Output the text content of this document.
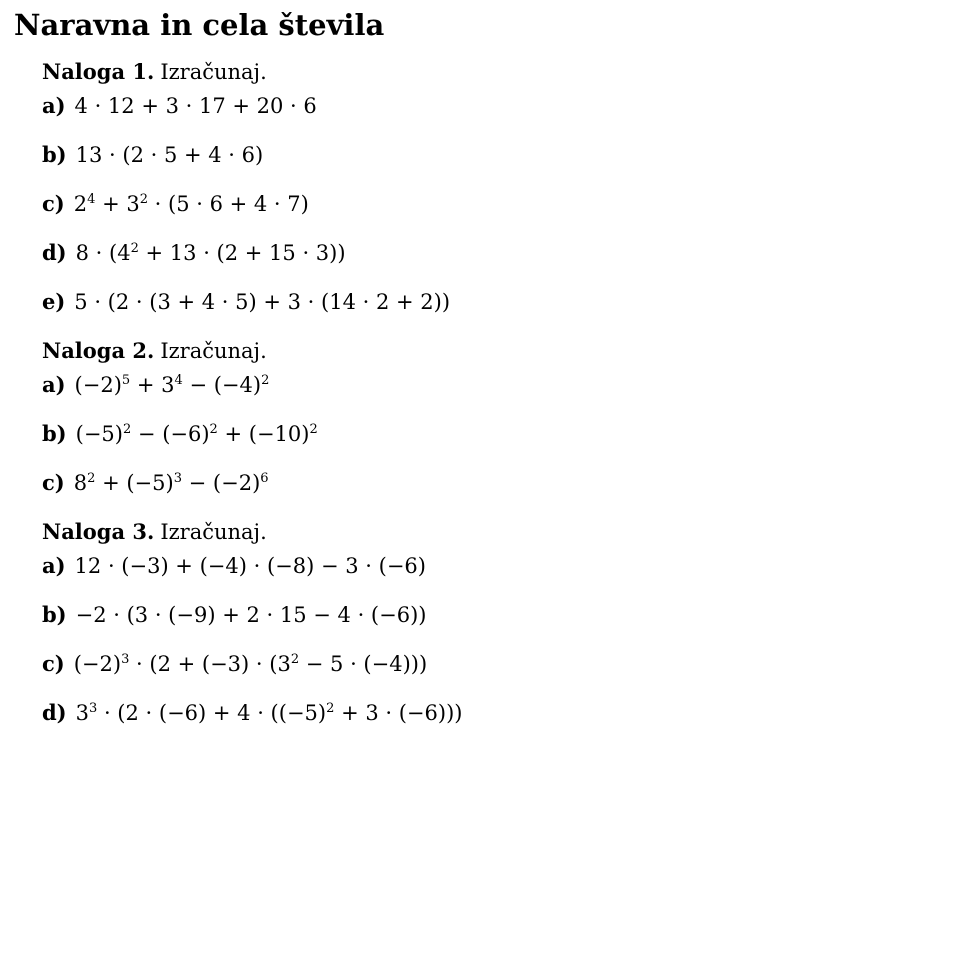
Naravna in cela števila
Naloga 1. Izračunaj.
a) 4 · 12 + 3 · 17 + 20 · 6
b) 13 · (2 · 5 + 4 · 6)
c) $2^4 + 3^2 \cdot (5 \cdot 6 + 4 \cdot 7)$
d) $8 \cdot (4^2 + 13 \cdot (2 + 15 \cdot 3))$
e) 5 · (2 · (3 + 4 · 5) + 3 · (14 · 2 + 2))
Naloga 2. Izračunaj.
a) $(-2)^5 + 3^4 - (-4)^2$
b) $(-5)^2 - (-6)^2 + (-10)^2$
c) $8^2 + (-5)^3 - (-2)^6$
Naloga 3. Izračunaj.
a) 12 · (−3) + (−4) · (−8) − 3 · (−6)
b) −2 · (3 · (−9) + 2 · 15 − 4 · (−6))
c) $(-2)^3 \cdot (2 + (-3) \cdot (3^2 - 5 \cdot (-4)))$
d) $3^3 \cdot (2 \cdot (-6) + 4 \cdot ((-5)^2 + 3 \cdot (-6)))$
